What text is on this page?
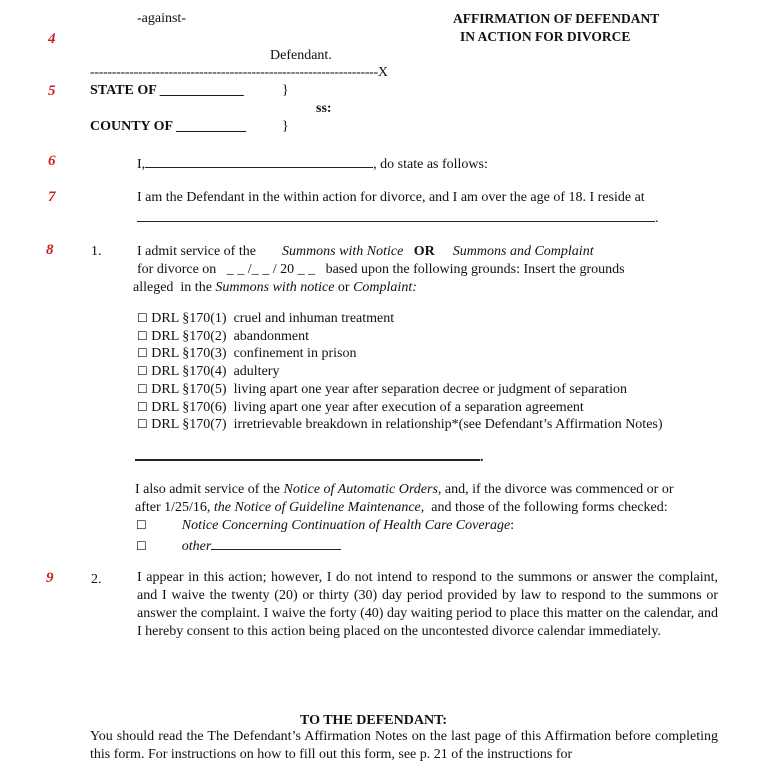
-against-	AFFIRMATION OF DEFENDANT
IN ACTION FOR DIVORCE
4
Defendant.
------------------------------------------------------------------X
5 STATE OF ____________	}
ss:
COUNTY OF __________	}
6	I,	, do state as follows:
7	I am the Defendant in the within action for divorce, and I am over the age of 18. I reside at
.
8	1.	I admit service of the Summons with Notice OR Summons and Complaint
for divorce on   _ _ /_ _ / 20 _ _   based upon the following grounds: Insert the grounds
alleged  in the Summons with notice or Complaint:
☐ DRL §170(1) cruel and inhuman treatment
☐ DRL §170(2) abandonment
☐ DRL §170(3) confinement in prison
☐ DRL §170(4) adultery
☐ DRL §170(5) living apart one year after separation decree or judgment of separation
☐ DRL §170(6) living apart one year after execution of a separation agreement
☐ DRL §170(7) irretrievable breakdown in relationship*(see Defendant’s Affirmation Notes)
.
I also admit service of the Notice of Automatic Orders, and, if the divorce was commenced or or
after 1/25/16, the Notice of Guideline Maintenance,  and those of the following forms checked:
☐	Notice Concerning Continuation of Health Care Coverage:
☐	other
9	2.	I appear in this action; however, I do not intend to respond to the summons or answer the complaint, and I waive the twenty (20) or thirty (30) day period provided by law to respond to the summons or answer the complaint. I waive the forty (40) day waiting period to place this matter on the calendar, and I hereby consent to this action being placed on the uncontested divorce calendar immediately.
TO THE DEFENDANT:
You should read the The Defendant’s Affirmation Notes on the last page of this Affirmation before completing this form. For instructions on how to fill out this form, see p. 21 of the instructions for
